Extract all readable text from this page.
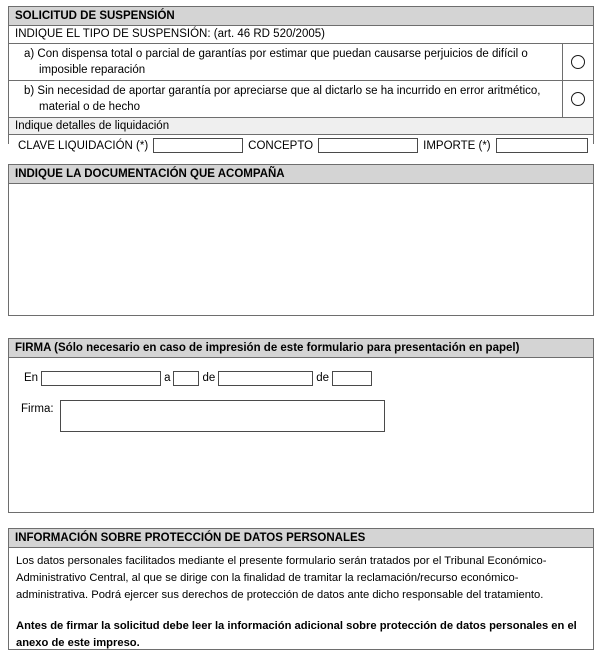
SOLICITUD DE SUSPENSIÓN
INDIQUE EL TIPO DE SUSPENSIÓN: (art. 46 RD 520/2005)
a) Con dispensa total o parcial de garantías por estimar que puedan causarse perjuicios de difícil o imposible reparación
b) Sin necesidad de aportar garantía por apreciarse que al dictarlo se ha incurrido en error aritmético, material o de hecho
Indique detalles de liquidación
CLAVE LIQUIDACIÓN (*)	CONCEPTO	IMPORTE (*)
INDIQUE LA DOCUMENTACIÓN QUE ACOMPAÑA
FIRMA (Sólo necesario en caso de impresión de este formulario para presentación en papel)
En	a	de	de
Firma:
INFORMACIÓN SOBRE PROTECCIÓN DE DATOS PERSONALES

Los datos personales facilitados mediante el presente formulario serán tratados por el Tribunal Económico-Administrativo Central, al que se dirige con la finalidad de tramitar la reclamación/recurso económico-administrativa. Podrá ejercer sus derechos de protección de datos ante dicho responsable del tratamiento.

Antes de firmar la solicitud debe leer la información adicional sobre protección de datos personales en el anexo de este impreso.
